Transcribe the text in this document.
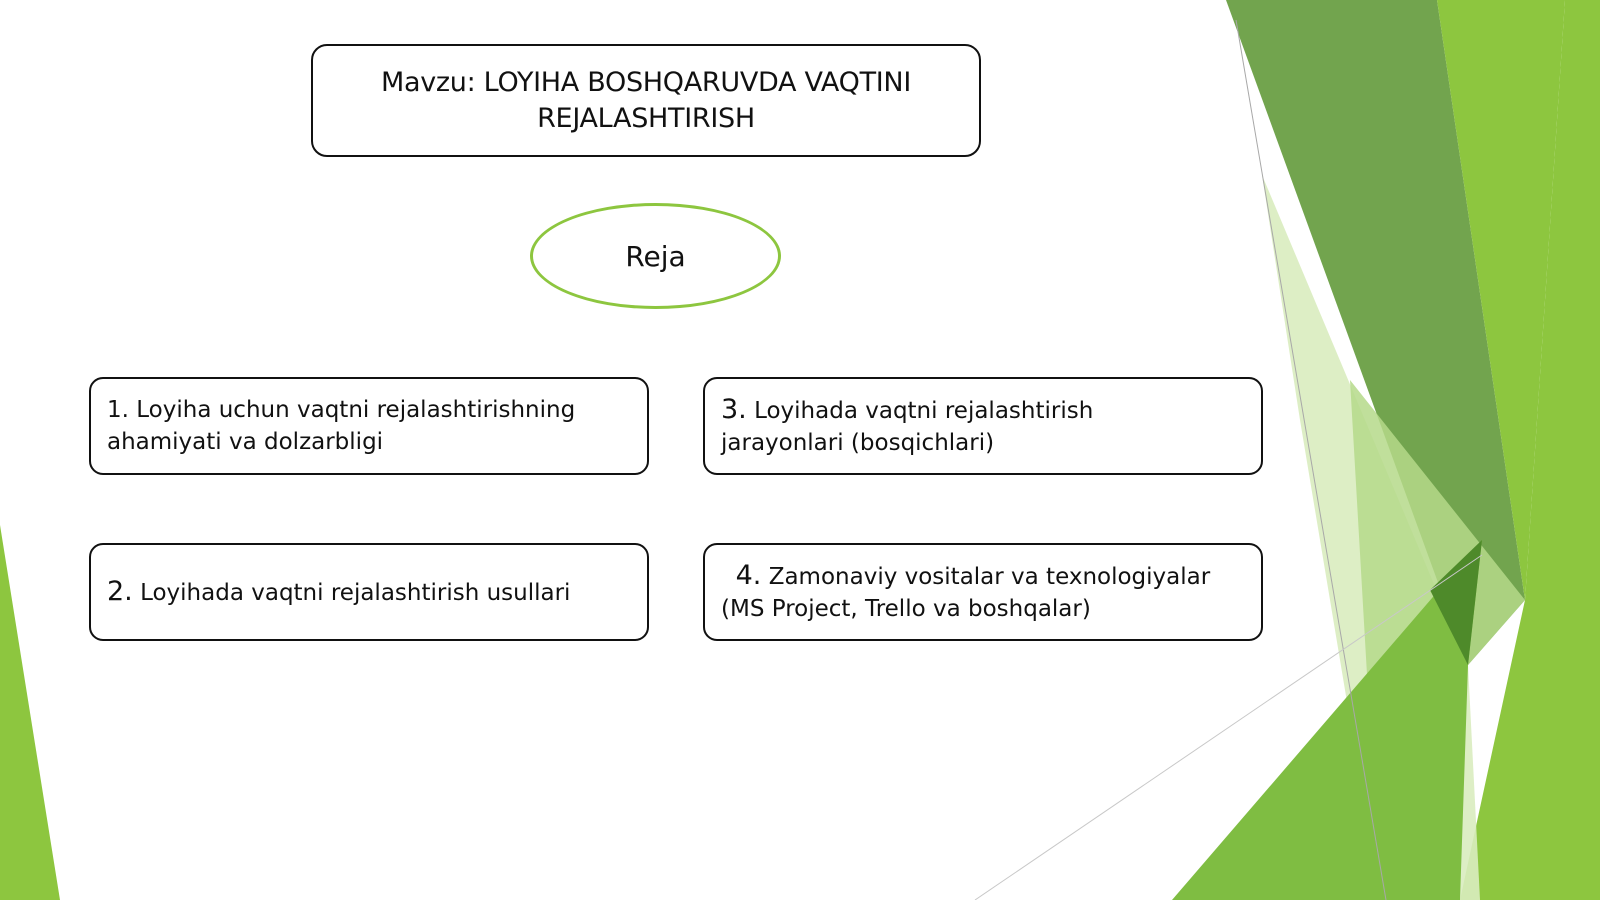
Mavzu: LOYIHA BOSHQARUVDA VAQTINI
REJALASHTIRISH
Reja
1. Loyiha uchun vaqtni rejalashtirishning
ahamiyati va dolzarbligi
2. Loyihada vaqtni rejalashtirish usullari
3. Loyihada vaqtni rejalashtirish
jarayonlari (bosqichlari)
4. Zamonaviy vositalar va texnologiyalar
(MS Project, Trello va boshqalar)
